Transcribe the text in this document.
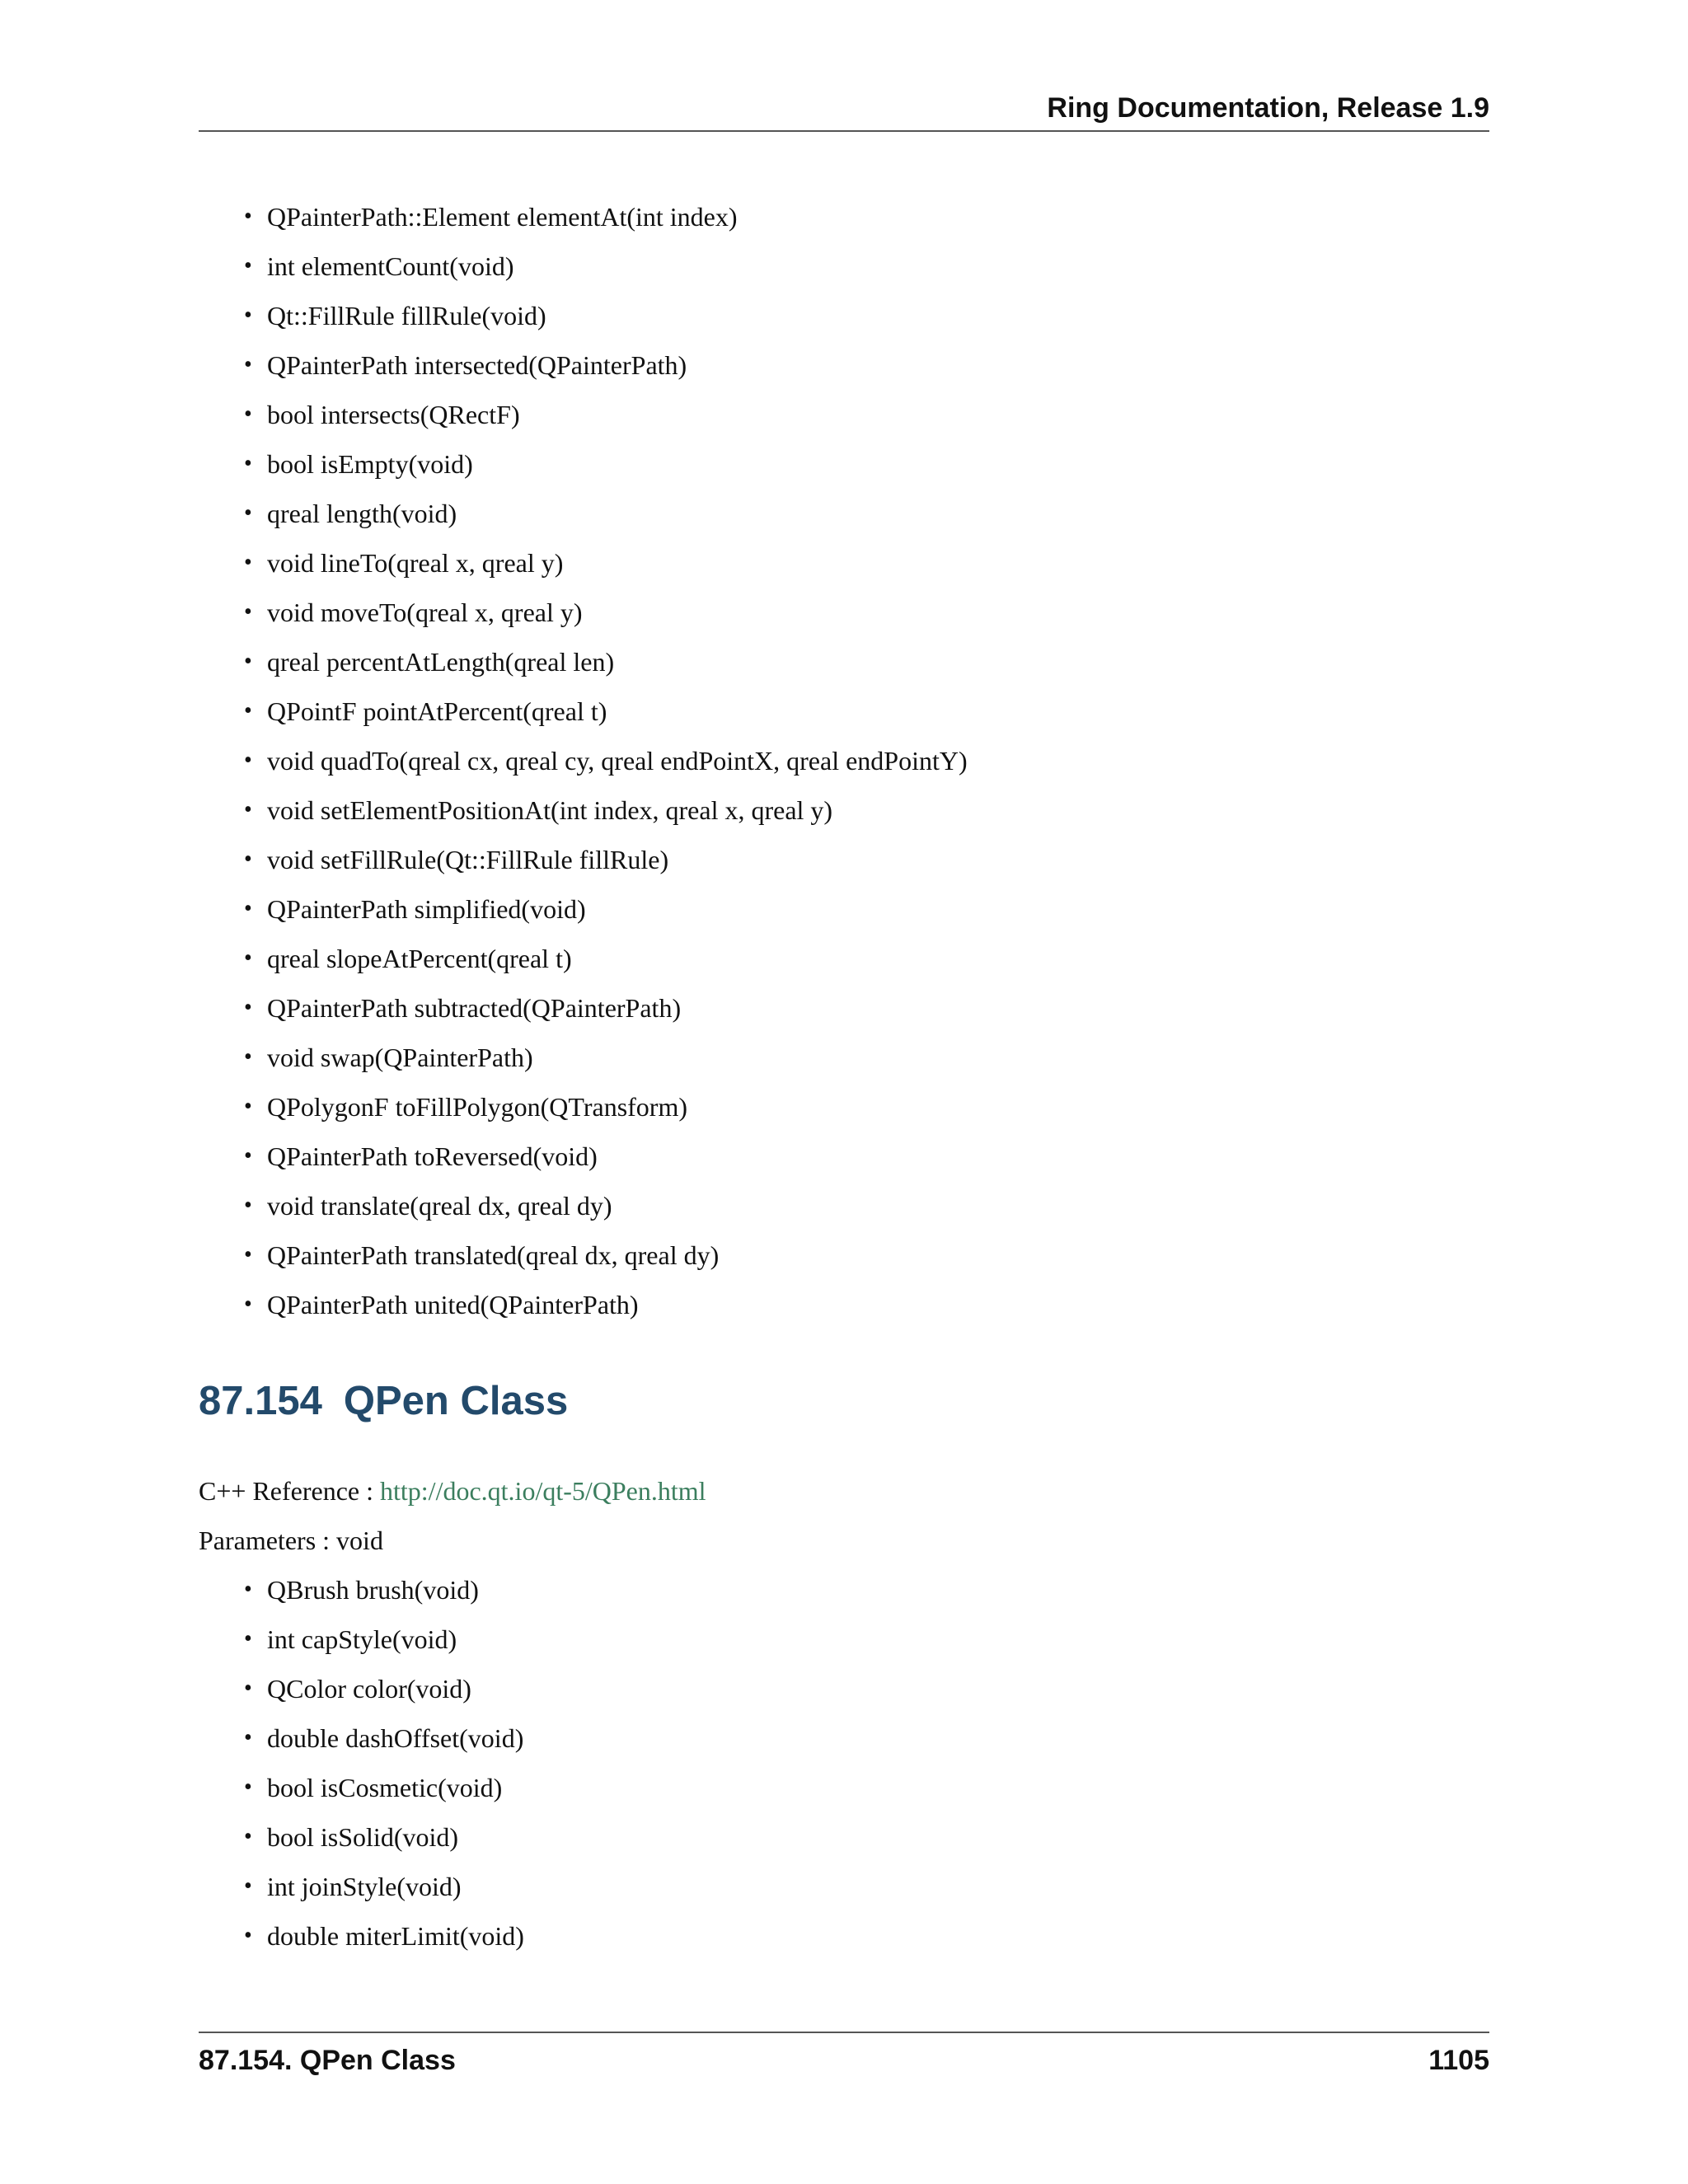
Ring Documentation, Release 1.9

• QPainterPath::Element elementAt(int index)
• int elementCount(void)
• Qt::FillRule fillRule(void)
• QPainterPath intersected(QPainterPath)
• bool intersects(QRectF)
• bool isEmpty(void)
• qreal length(void)
• void lineTo(qreal x, qreal y)
• void moveTo(qreal x, qreal y)
• qreal percentAtLength(qreal len)
• QPointF pointAtPercent(qreal t)
• void quadTo(qreal cx, qreal cy, qreal endPointX, qreal endPointY)
• void setElementPositionAt(int index, qreal x, qreal y)
• void setFillRule(Qt::FillRule fillRule)
• QPainterPath simplified(void)
• qreal slopeAtPercent(qreal t)
• QPainterPath subtracted(QPainterPath)
• void swap(QPainterPath)
• QPolygonF toFillPolygon(QTransform)
• QPainterPath toReversed(void)
• void translate(qreal dx, qreal dy)
• QPainterPath translated(qreal dx, qreal dy)
• QPainterPath united(QPainterPath)
87.154 QPen Class

C++ Reference : http://doc.qt.io/qt-5/QPen.html

Parameters : void

• QBrush brush(void)
• int capStyle(void)
• QColor color(void)
• double dashOffset(void)
• bool isCosmetic(void)
• bool isSolid(void)
• int joinStyle(void)
• double miterLimit(void)
87.154. QPen Class	1105
